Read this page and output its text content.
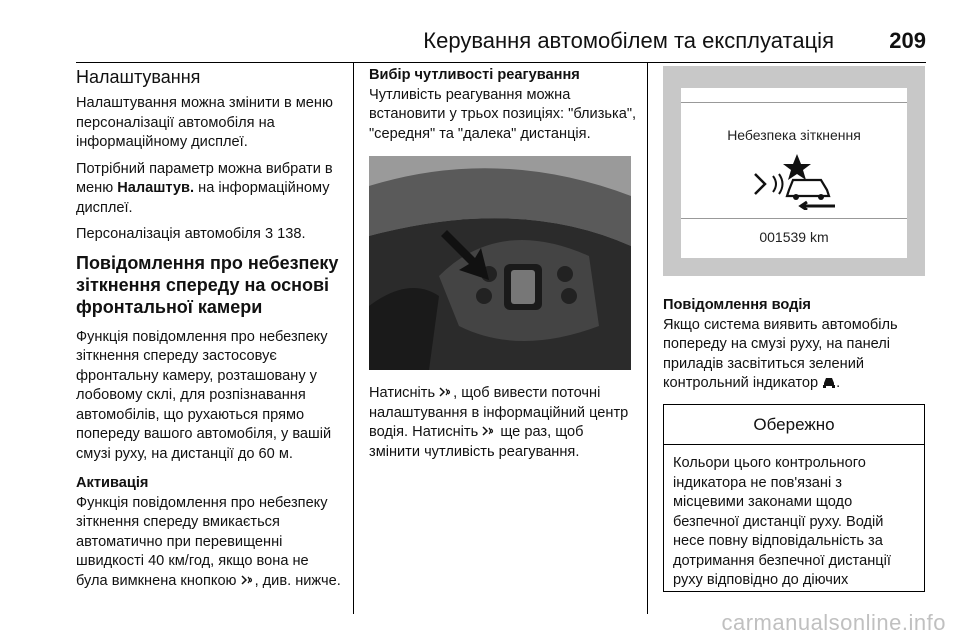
Керування автомобілем та експлуатація	209
Налаштування

Налаштування можна змінити в меню персоналізації автомобіля на інформаційному дисплеї.

Потрібний параметр можна вибрати в меню Налаштув. на інформаційному дисплеї.

Персоналізація автомобіля 3 138.

Повідомлення про небезпеку зіткнення спереду на основі фронтальної камери

Функція повідомлення про небезпеку зіткнення спереду застосовує фронтальну камеру, розташовану у лобовому склі, для розпізнавання автомобілів, що рухаються прямо попереду вашого автомобіля, у вашій смузі руху, на дистанції до 60 м.

Активація

Функція повідомлення про небезпеку зіткнення спереду вмикається автоматично при перевищенні швидкості 40 км/год, якщо вона не була вимкнена кнопкою , див. нижче.

Вибір чутливості реагування

Чутливість реагування можна встановити у трьох позиціях: "близька", "середня" та "далека" дистанція.

Натисніть , щоб вивести поточні налаштування в інформаційний центр водія. Натисніть  ще раз, щоб змінити чутливість реагування.

Небезпека зіткнення
001539 km
Повідомлення водія

Якщо система виявить автомобіль попереду на смузі руху, на панелі приладів засвітиться зелений контрольний індикатор .

Обережно
Кольори цього контрольного індикатора не пов'язані з місцевими законами щодо безпечної дистанції руху. Водій несе повну відповідальність за дотримання безпечної дистанції руху відповідно до діючих
carmanualsonline.info
